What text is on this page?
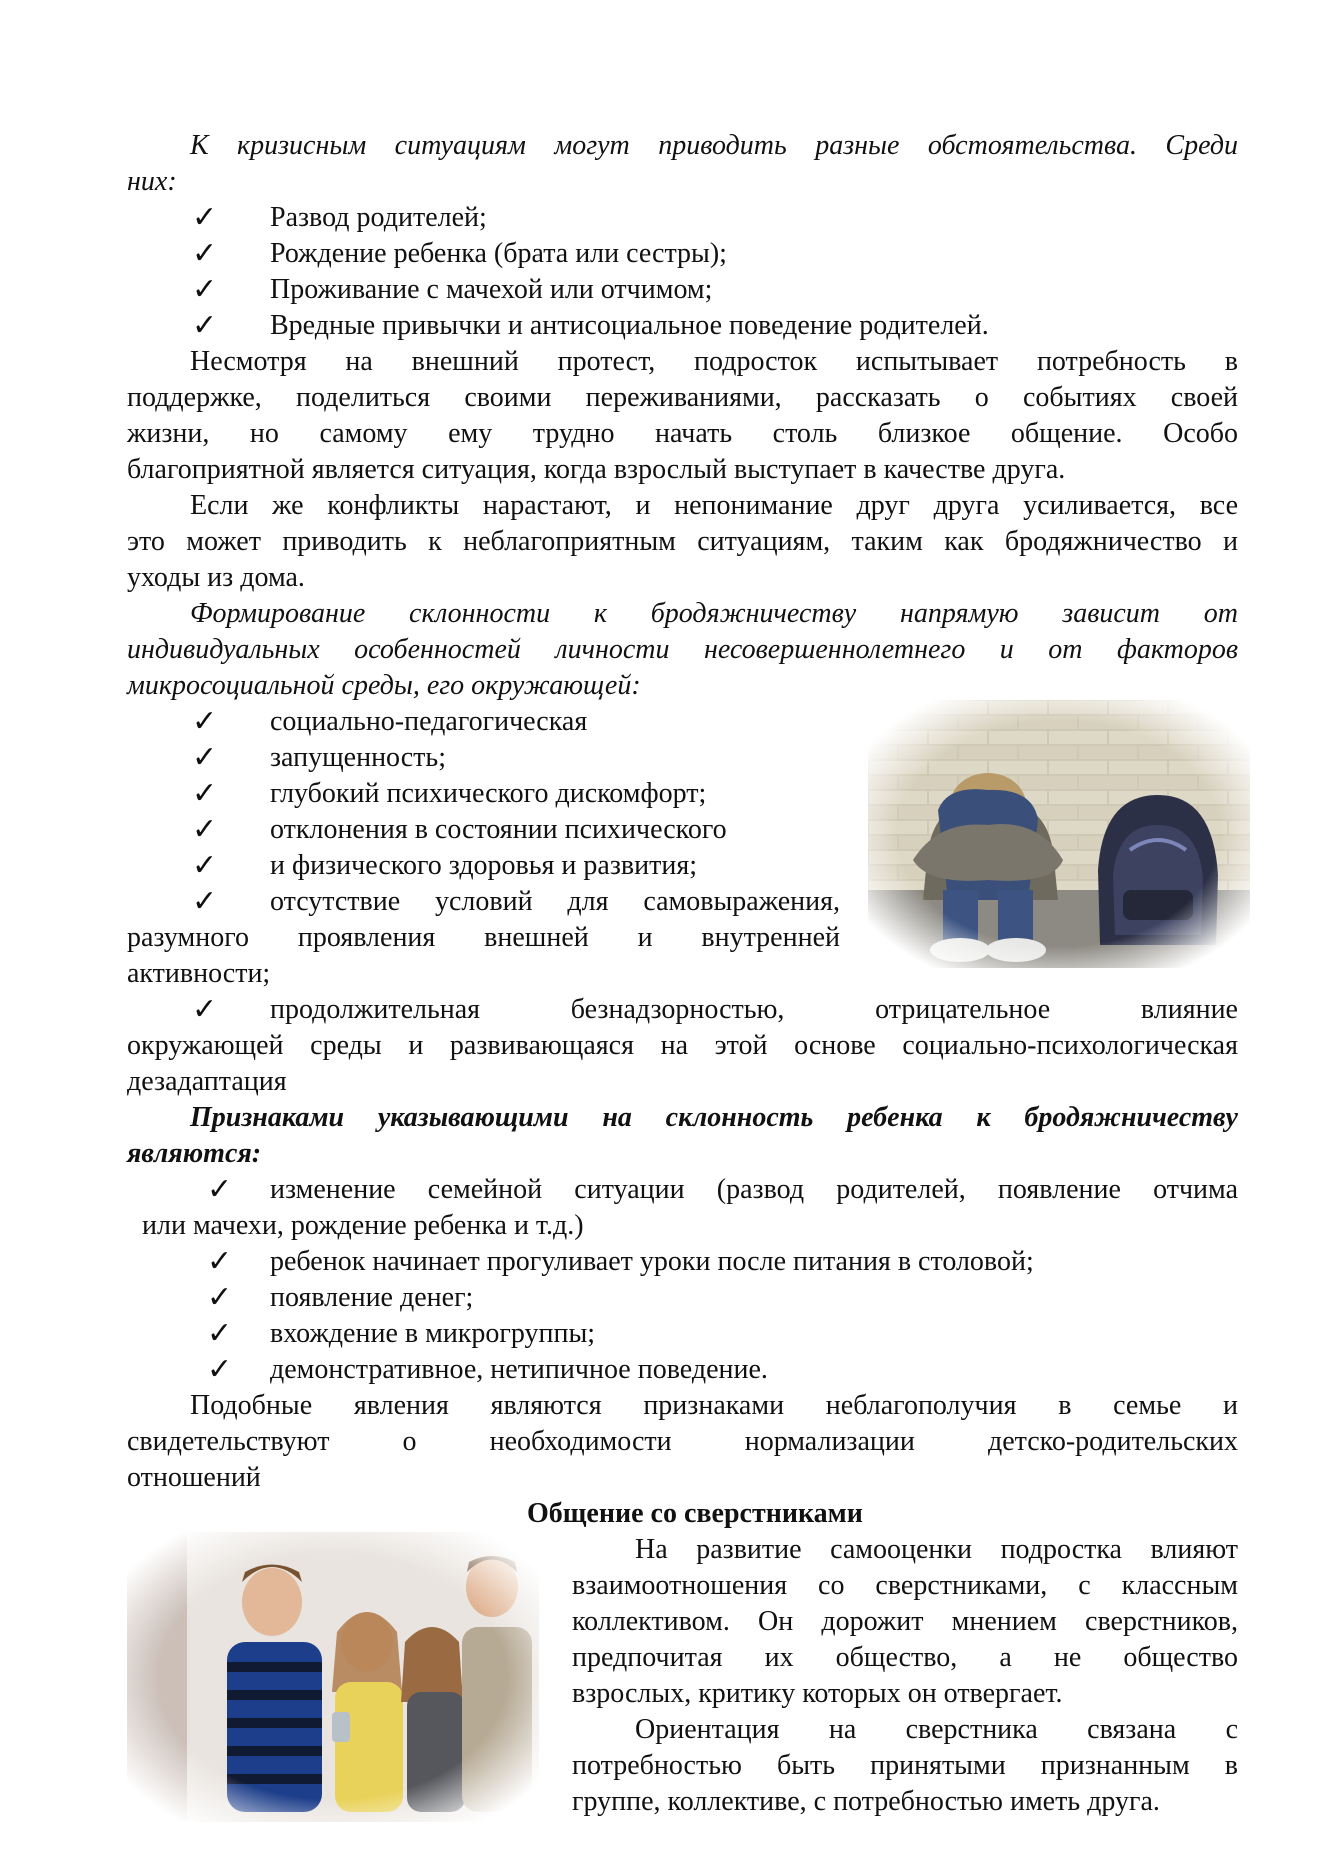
К кризисным ситуациям могут приводить разные обстоятельства. Среди
них:
✓ Развод родителей;
✓ Рождение ребенка (брата или сестры);
✓ Проживание с мачехой или отчимом;
✓ Вредные привычки и антисоциальное поведение родителей.
Несмотря на внешний протест, подросток испытывает потребность в
поддержке, поделиться своими переживаниями, рассказать о событиях своей
жизни, но самому ему трудно начать столь близкое общение. Особо
благоприятной является ситуация, когда взрослый выступает в качестве друга.
Если же конфликты нарастают, и непонимание друг друга усиливается, все
это может приводить к неблагоприятным ситуациям, таким как бродяжничество и
уходы из дома.
Формирование склонности к бродяжничеству напрямую зависит от
индивидуальных особенностей личности несовершеннолетнего и от факторов
микросоциальной среды, его окружающей:
✓ социально-педагогическая
✓ запущенность;
✓ глубокий психического дискомфорт;
✓ отклонения в состоянии психического
✓ и физического здоровья и развития;
✓ отсутствие условий для самовыражения,
разумного проявления внешней и внутренней
активности;
✓ продолжительная безнадзорностью, отрицательное влияние
окружающей среды и развивающаяся на этой основе социально-психологическая
дезадаптация
Признаками указывающими на склонность ребенка к бродяжничеству
являются:
✓ изменение семейной ситуации (развод родителей, появление отчима
или мачехи, рождение ребенка и т.д.)
✓ ребенок начинает прогуливает уроки после питания в столовой;
✓ появление денег;
✓ вхождение в микрогруппы;
✓ демонстративное, нетипичное поведение.
Подобные явления являются признаками неблагополучия в семье и
свидетельствуют о необходимости нормализации детско-родительских
отношений
Общение со сверстниками
На развитие самооценки подростка влияют
взаимоотношения со сверстниками, с классным
коллективом. Он дорожит мнением сверстников,
предпочитая их общество, а не общество
взрослых, критику которых он отвергает.
Ориентация на сверстника связана с
потребностью быть принятыми признанным в
группе, коллективе, с потребностью иметь друга.
